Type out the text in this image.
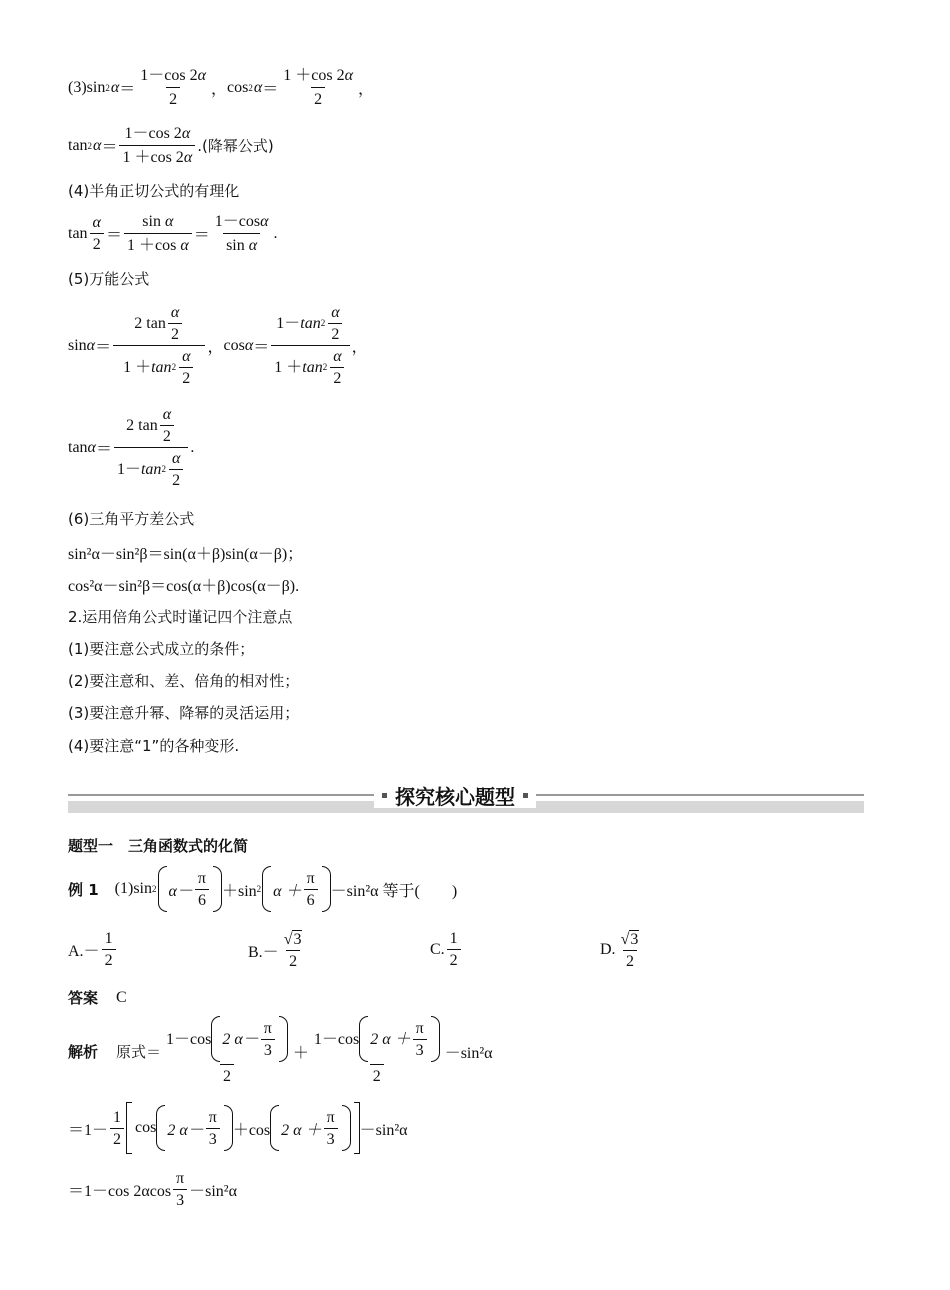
(3) sin 2 $\alpha = \frac{1-\cos 2\alpha}{2}$ ， cos 2 $\alpha = \frac{1 +\cos 2\alpha}{2}$ ，
tan 2 $\alpha = \frac{1-\cos 2\alpha}{1 +\cos 2\alpha}$ .(降幂公式)
(4)半角正切公式的有理化
$\tan \frac{\alpha}{2} = \frac{\text{sin α}}{\text{1 ＋cos α}} = \frac{1-\cos\alpha}{\text{sin α}}$ .
(5)万能公式
$\sin \alpha = \frac{2 \tan \frac{\alpha}{2}}{1 + \tan 2 \frac{\alpha}{2}}$ ， $\cos \alpha = \frac{1- \tan 2 \frac{\alpha}{2}}{1 + \tan 2 \frac{\alpha}{2}}$ ，
$\tan \alpha = \frac{2 \tan \frac{\alpha}{2}}{1- \tan 2 \frac{\alpha}{2}}$ .
(6)三角平方差公式
sin²α－sin²β＝sin(α＋β)sin(α－β)；
cos²α－sin²β＝cos(α＋β)cos(α－β).
2.运用倍角公式时谨记四个注意点
(1)要注意公式成立的条件；
(2)要注意和、差、倍角的相对性；
(3)要注意升幂、降幂的灵活运用；
(4)要注意“1”的各种变形.
探究核心题型
题型一　三角函数式的化简
例 1 (1)sin 2 $\alpha- \frac{\pi}{6} +\sin$ 2 $\alpha + \frac{\pi}{6} -\sin^2\alpha$ 等于(　　)
$A.- \frac{1}{2}$	$B.- \frac{√3}{2}$	C. $\frac{1}{2}$	D. $\frac{√3}{2}$
答案 C
解析 原式＝ $\frac{1-\cos 2 \alpha- \frac{\pi}{3}}{2} + \frac{1-\cos 2 \alpha + \frac{\pi}{3}}{2} -\sin^2\alpha$
$=1- \frac{1}{2}$ cos 2 $\alpha- \frac{\pi}{3} +\cos$ 2 $\alpha + \frac{\pi}{3} -\sin^2\alpha$
＝1－cos $2\alpha\cos \frac{\pi}{3} -\sin^2\alpha$
